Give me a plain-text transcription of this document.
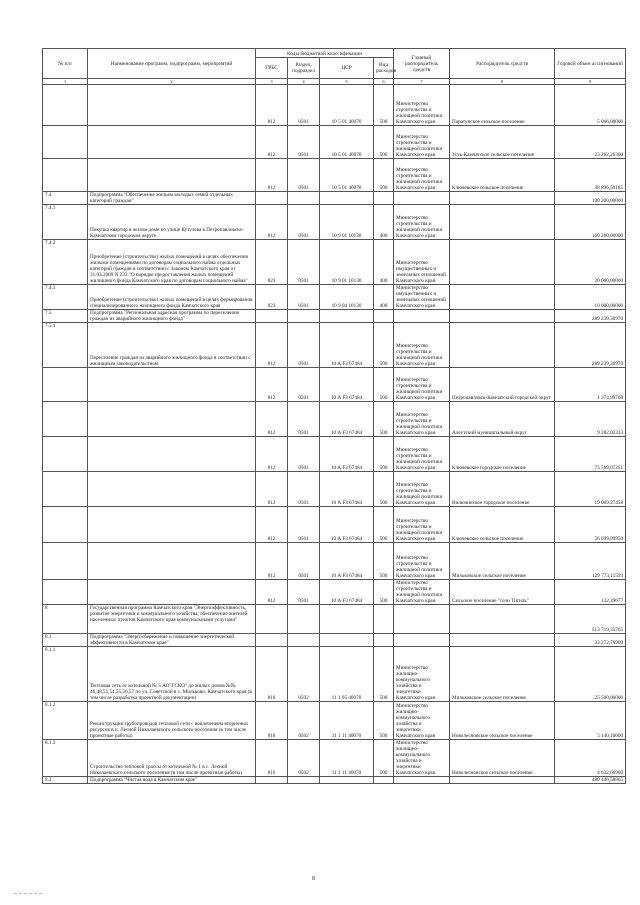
№ п/п	Наименование программ, подпрограмм, мероприятий	Коды бюджетной классификации				Главный распорядитель средств	Распорядитель средств	Годовой объем ассигнований
		ГРБС	Раздел, подраздел	ЦСР	Вид расходов			
1	2	3	4	5	6	7	8	9
		812	0501	10 5 01 40070	500	Министерство строительства и жилищной политики Камчатского края	Паратунское сельское поселение	5 066,00000
		812	0501	10 5 01 40070	500	Министерство строительства и жилищной политики Камчатского края	Усть-Камчатское сельское поселение	23 262,26300
		812	0501	10 5 01 40070	500	Министерство строительства и жилищной политики Камчатского края	Ключевское сельское поселение	38 896,50185
7.4	Подпрограмма "Обеспечение жильем молодых семей отдельных категорий граждан"							190 200,00000
7.4.1	Покупка квартир в жилом доме по улице Кутузова в Петропавловске-Камчатском городском округе	812	0501	10 9 01 10130	400	Министерство строительства и жилищной политики Камчатского края		160 200,00000
7.4.2	Приобретение (строительство) жилых помещений в целях обеспечения жилыми помещениями по договорам социального найма отдельных категорий граждан в соответствии с Законом Камчатского края от 31.03.2009 N 233 "О порядке предоставления жилых помещений жилищного фонда Камчатского края по договорам социального найма"	823	0501	10 9 01 10130	400	Министерство имущественных и земельных отношений Камчатского края		20 000,00000
7.4.3	Приобретение (строительство) жилых помещений в целях формирования специализированного жилищного фонда Камчатского края	823	0501	10 9 04 10130	400	Министерство имущественных и земельных отношений Камчатского края		10 000,00000
7.5	Подпрограмма "Региональная адресная программа по переселению граждан из аварийного жилищного фонда"							289 239,36970
7.5.1	Переселение граждан из аварийного жилищного фонда в соответствии с жилищным законодательством	812	0501	10 А F3 67484	500	Министерство строительства и жилищной политики Камчатского края		289 239,36970
		812	0501	10 А F3 67484	500	Министерство строительства и жилищной политики Камчатского края	Петропавловск-Камчатский городской округ	1 374,99708
		812	0501	10 А F3 67484	500	Министерство строительства и жилищной политики Камчатского края	Алеутский муниципальный округ	9 282,02333
		812	0501	10 А F3 67484	500	Министерство строительства и жилищной политики Камчатского края	Ключевское городское поселение	73 569,07251
		812	0501	10 А F3 67484	500	Министерство строительства и жилищной политики Камчатского края	Вилючинское городское поселение	19 009,27458
		812	0501	10 А F3 67484	500	Министерство строительства и жилищной политики Камчатского края	Ключевское сельское поселение	56 699,09950
		812	0501	10 А F3 67484	500	Министерство строительства и жилищной политики Камчатского края	Мильковское сельское поселение	129 773,11593
		812	0501	10 А F3 67484	500	Министерство строительства и жилищной политики Камчатского края	Сельское поселение "село Тигиль"	132,39677
8	Государственная программа Камчатского края "Энергоэффективность, развитие энергетики и коммунального хозяйства, обеспечение жителей населенных пунктов Камчатского края коммунальными услугами"							513 719,35765
8.1	Подпрограмма "Энергосбережение и повышение энергетической эффективности в Камчатском крае"							33 272,76900
8.1.1	Тепловая сеть от котельной № 5 АО"ГСКО" до жилых домов №№ 46,48,51,54,55,56,57 по ул. Советской в с. Мильково, Камчатского края (в том числе разработка проектной документации)	810	0502	11 1 05 40070	500	Министерство жилищно-коммунального хозяйства и энергетики Камчатского края	Мильковское сельское поселение	25 500,00000
8.1.2	Реконструкция трубопроводов тепловой сети с вовлечением вторичных ресурсов в п. Лесной Николаевского сельского поселения (в том числе проектные работы)	810	0502	11 1 11 40070	500	Министерство жилищно-коммунального хозяйства и энергетики Камчатского края	Новолесновское сельское поселение	5 140,10000
8.1.3	Строительство тепловой трассы от котельной № 1 в с. Лесной Николаевского сельского поселения (в том числе проектные работы)	810	0502	11 1 11 40070	500	Министерство жилищно-коммунального хозяйства и энергетики Камчатского края	Новолесновское сельское поселение	4 632,66900
8.2	Подпрограмма "Чистая вода в Камчатском крае"							480 446,58865
8
